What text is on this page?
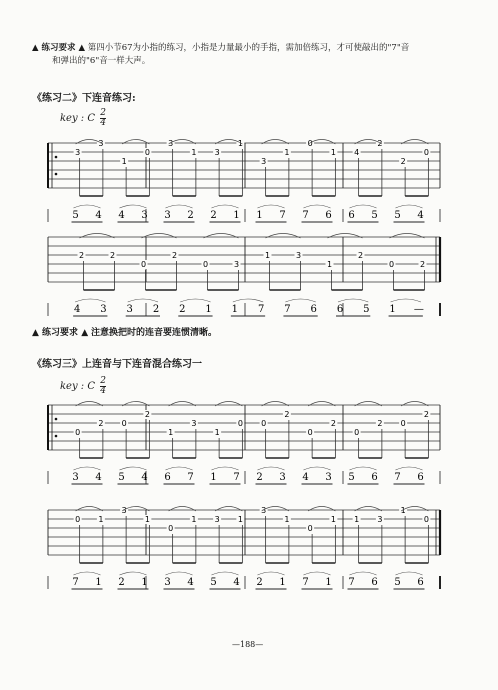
▲ 练习要求 ▲ 第四小节67为小指的练习，小指是力量最小的手指，需加倍练习，才可使敲出的"7"音
和弹出的"6"音一样大声。
《练习二》下连音练习:
key : C $\frac{2}{4}$
▲ 练习要求 ▲ 注意换把时的连音要连惯清晰。
《练习三》上连音与下连音混合练习一
key : C $\frac{2}{4}$
—188—
3
3
1
0
3
1 3
1
3
1
0
1 4
2
2
0
5 4 4 3 3 2 2 1 1 7 7 6 6 5 5 4
2	2
0
2
0	3
1	3
1
2
0	2
4 3 3 2 2 1 1 7 7 6 6 5 1 —
0
2 0
2
1
3
1
0 0
2
0
2
0
2 0
2
3 4 5 4 6 7 1 7 2 3 4 3 5 6 7 6
0 1
3
1
0
1 3 1
3
1
0
1 1 3
1
0
7 1 2 1 3 4 5 4 2 1 7 1 7 6 5 6
